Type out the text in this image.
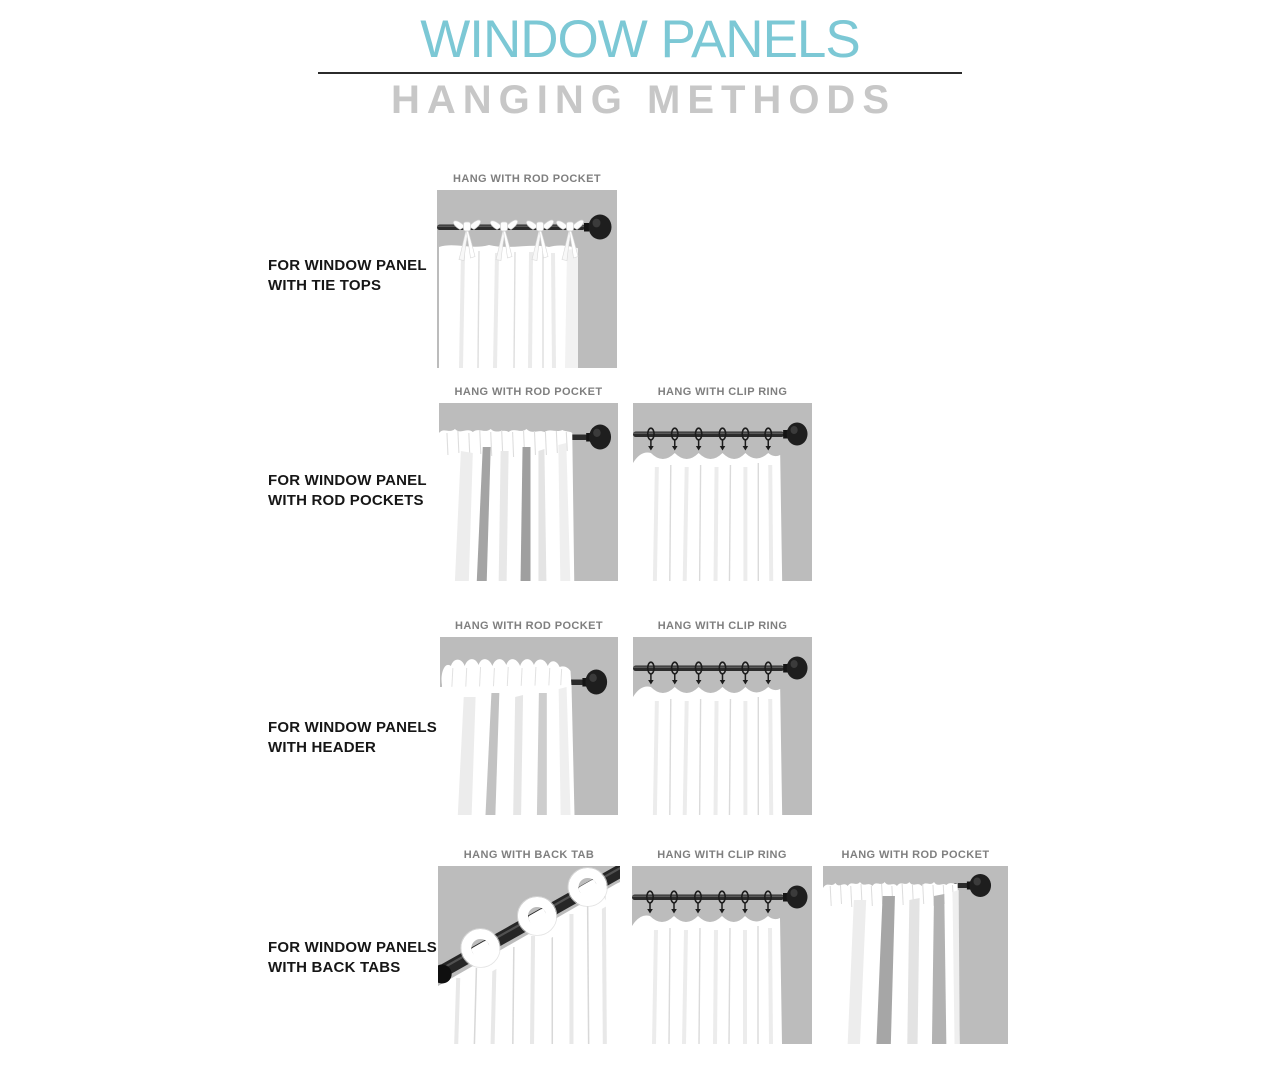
WINDOW PANELS
HANGING METHODS
FOR WINDOW PANEL
WITH TIE TOPS
HANG WITH ROD POCKET
FOR WINDOW PANEL
WITH ROD POCKETS
HANG WITH ROD POCKET	HANG WITH CLIP RING
FOR WINDOW PANELS
WITH HEADER
HANG WITH ROD POCKET	HANG WITH CLIP RING
FOR WINDOW PANELS
WITH BACK TABS
HANG WITH BACK TAB	HANG WITH CLIP RING	HANG WITH ROD POCKET
